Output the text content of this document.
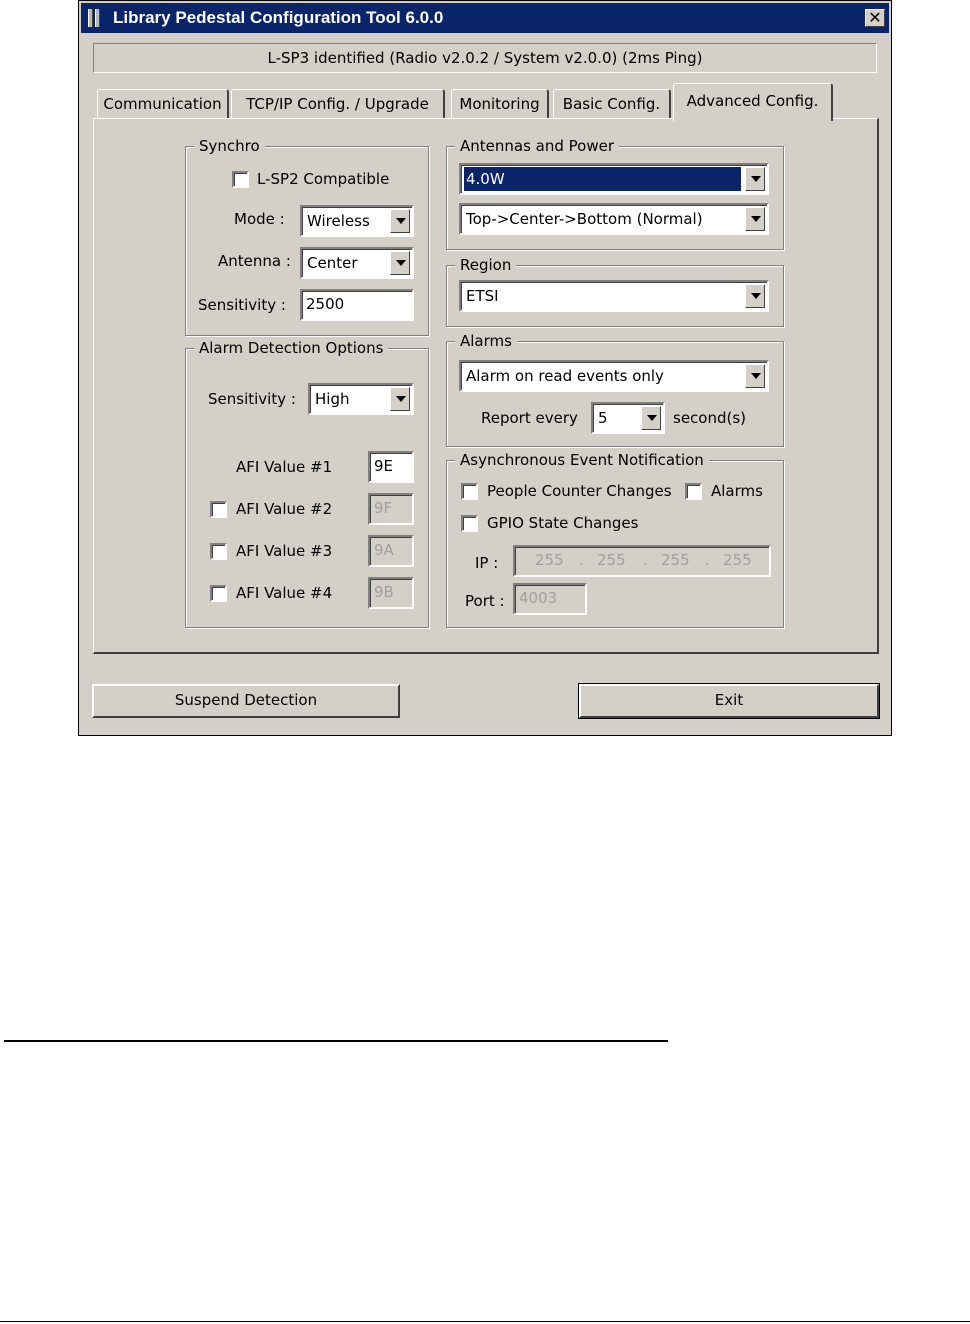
Library Pedestal Configuration Tool 6.0.0	✕
L-SP3 identified (Radio v2.0.2 / System v2.0.0) (2ms Ping)
Communication	TCP/IP Config. / Upgrade	Monitoring	Basic Config.	Advanced Config.
Synchro
L-SP2 Compatible
Mode : Wireless
Antenna : Center
Sensitivity :	2500
Alarm Detection Options
Sensitivity : High
AFI Value #1	9E
AFI Value #2	9F
AFI Value #3	9A
AFI Value #4	9B
Antennas and Power
4.0W
Top->Center->Bottom (Normal)
Region
ETSI
Alarms
Alarm on read events only
Report every 5	second(s)
Asynchronous Event Notification
People Counter Changes	Alarms
GPIO State Changes
IP : 255 . 255 . 255 . 255
Port : 4003
Suspend Detection	Exit
